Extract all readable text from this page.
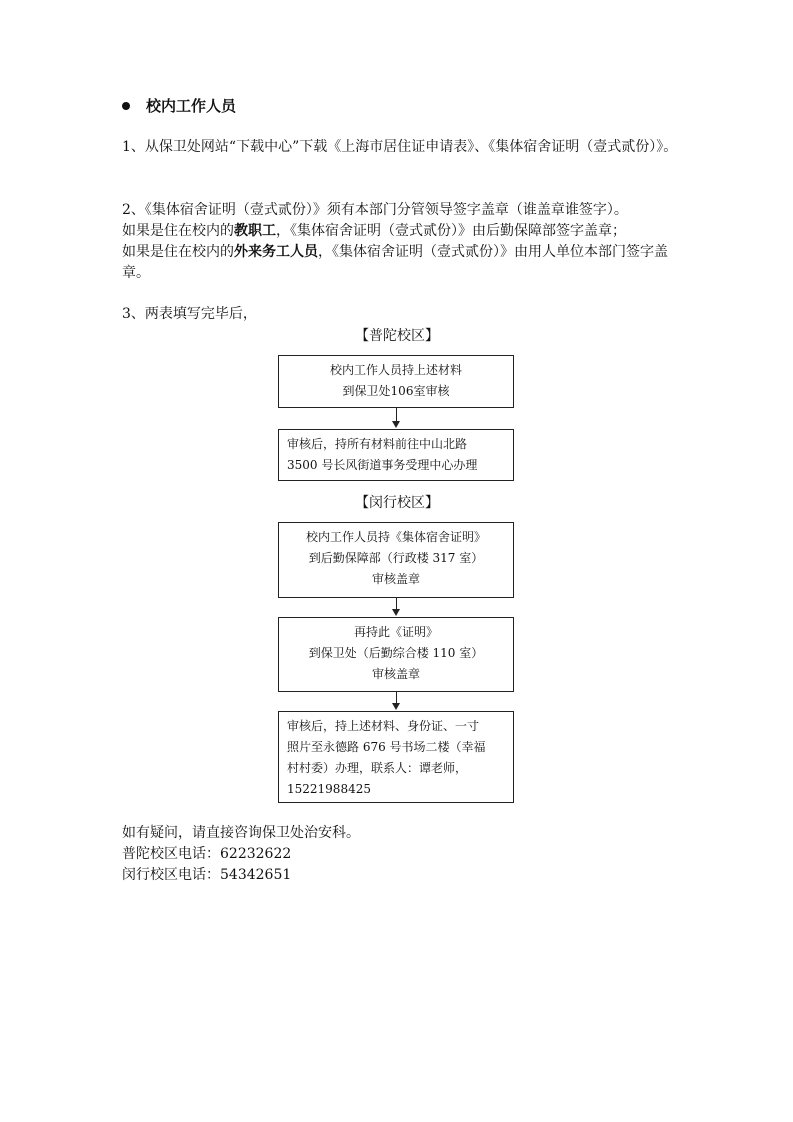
校内工作人员

1、从保卫处网站“下载中心”下载《上海市居住证申请表》、《集体宿舍证明（壹式贰份）》。

2、《集体宿舍证明（壹式贰份）》须有本部门分管领导签字盖章（谁盖章谁签字）。
如果是住在校内的教职工，《集体宿舍证明（壹式贰份）》由后勤保障部签字盖章；
如果是住在校内的外来务工人员，《集体宿舍证明（壹式贰份）》由用人单位本部门签字盖章。

3、两表填写完毕后，

【普陀校区】
校内工作人员持上述材料
到保卫处106室审核
审核后，持所有材料前往中山北路
3500 号长风街道事务受理中心办理
【闵行校区】
校内工作人员持《集体宿舍证明》
到后勤保障部（行政楼 317 室）
审核盖章
再持此《证明》
到保卫处（后勤综合楼 110 室）
审核盖章
审核后，持上述材料、身份证、一寸
照片至永德路 676 号书场二楼（幸福
村村委）办理，联系人：谭老师，
15221988425
如有疑问，请直接咨询保卫处治安科。
普陀校区电话：62232622
闵行校区电话：54342651
